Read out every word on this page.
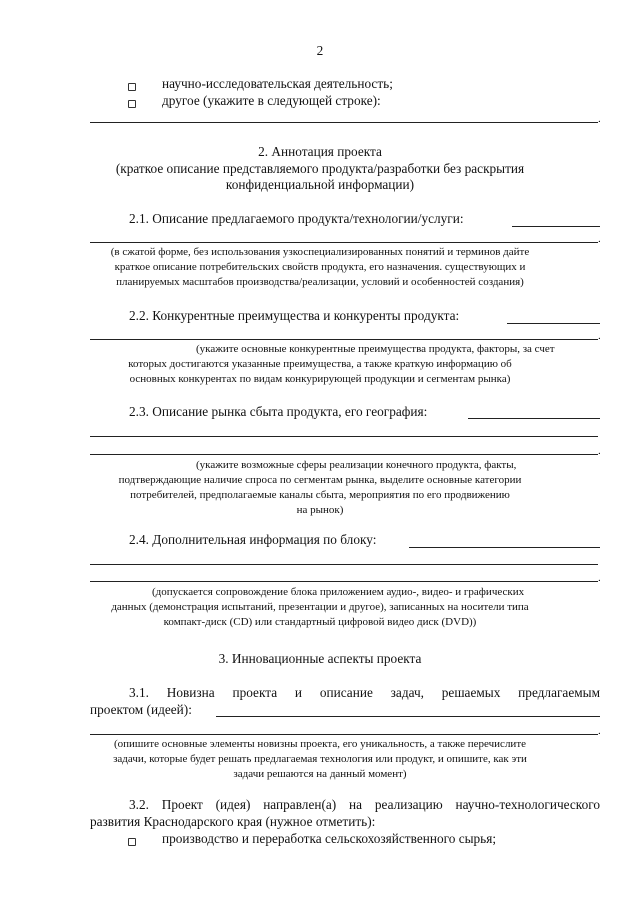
2
научно-исследовательская деятельность;
другое (укажите в следующей строке):
.
2. Аннотация проекта
(краткое описание представляемого продукта/разработки без раскрытия
конфиденциальной информации)
2.1. Описание предлагаемого продукта/технологии/услуги:
.
(в сжатой форме, без использования узкоспециализированных понятий и терминов дайте
краткое описание потребительских свойств продукта, его назначения. существующих и
планируемых масштабов производства/реализации, условий и особенностей создания)
2.2. Конкурентные преимущества и конкуренты продукта:
.
(укажите основные конкурентные преимущества продукта, факторы, за счет
которых достигаются указанные преимущества, а также краткую информацию об
основных конкурентах по видам конкурирующей продукции и сегментам рынка)
2.3. Описание рынка сбыта продукта, его география:
.
(укажите возможные сферы реализации конечного продукта, факты,
подтверждающие наличие спроса по сегментам рынка, выделите основные категории
потребителей, предполагаемые каналы сбыта, мероприятия по его продвижению
на рынок)
2.4. Дополнительная информация по блоку:
.
(допускается сопровождение блока приложением аудио-, видео- и графических
данных (демонстрация испытаний, презентации и другое), записанных на носители типа
компакт-диск (CD) или стандартный цифровой видео диск (DVD))
3. Инновационные аспекты проекта
3.1. Новизна проекта и описание задач, решаемых предлагаемым
проектом (идеей):
.
(опишите основные элементы новизны проекта, его уникальность, а также перечислите
задачи, которые будет решать предлагаемая технология или продукт, и опишите, как эти
задачи решаются на данный момент)
3.2. Проект (идея) направлен(а) на реализацию научно-технологического
развития Краснодарского края (нужное отметить):
производство и переработка сельскохозяйственного сырья;
